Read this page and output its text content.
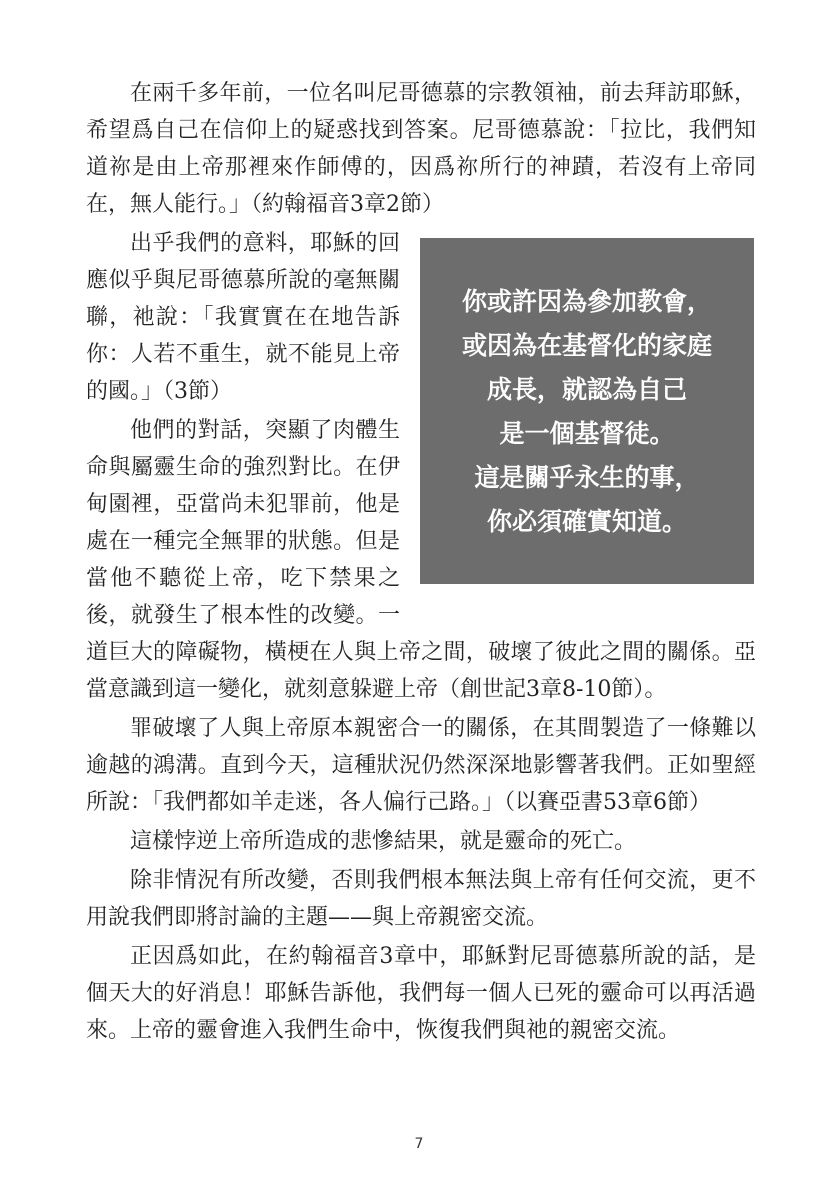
在兩千多年前，一位名叫尼哥德慕的宗教領袖，前去拜訪耶穌，
希望爲自己在信仰上的疑惑找到答案。尼哥德慕說：「拉比，我們知
道祢是由上帝那裡來作師傅的，因爲祢所行的神蹟，若沒有上帝同
在，無人能行。」（約翰福音3章2節）
出乎我們的意料，耶穌的回
應似乎與尼哥德慕所說的毫無關
聯，祂說：「我實實在在地告訴
你：人若不重生，就不能見上帝
的國。」（3節）
他們的對話，突顯了肉體生
命與屬靈生命的強烈對比。在伊
甸園裡，亞當尚未犯罪前，他是
處在一種完全無罪的狀態。但是
當他不聽從上帝，吃下禁果之
後，就發生了根本性的改變。一
道巨大的障礙物，橫梗在人與上帝之間，破壞了彼此之間的關係。亞
當意識到這一變化，就刻意躲避上帝（創世記3章8-10節）。
罪破壞了人與上帝原本親密合一的關係，在其間製造了一條難以
逾越的鴻溝。直到今天，這種狀況仍然深深地影響著我們。正如聖經
所說：「我們都如羊走迷，各人偏行己路。」（以賽亞書53章6節）
這樣悖逆上帝所造成的悲慘結果，就是靈命的死亡。
除非情況有所改變，否則我們根本無法與上帝有任何交流，更不
用說我們即將討論的主題——與上帝親密交流。
正因爲如此，在約翰福音3章中，耶穌對尼哥德慕所說的話，是
個天大的好消息！耶穌告訴他，我們每一個人已死的靈命可以再活過
來。上帝的靈會進入我們生命中，恢復我們與祂的親密交流。
你或許因為參加教會，
或因為在基督化的家庭
成長，就認為自己
是一個基督徒。
這是關乎永生的事，
你必須確實知道。
7
